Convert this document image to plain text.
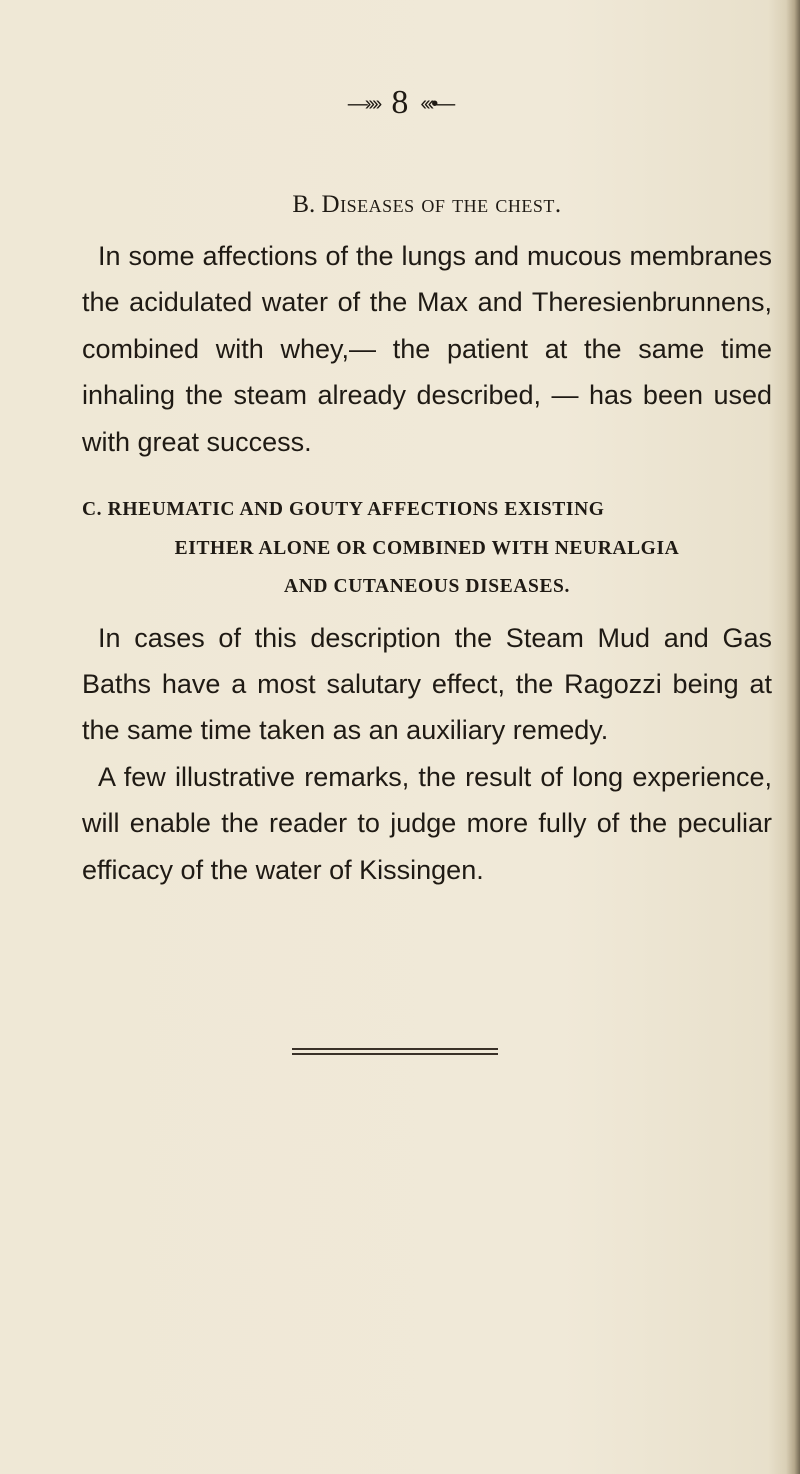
—›››› 8 ‹‹‹•—
B. Diseases of the chest.

In some affections of the lungs and mucous membranes the acidulated water of the Max and Theresienbrunnens, combined with whey,— the patient at the same time inhaling the steam already described, — has been used with great success.

C. RHEUMATIC AND GOUTY AFFECTIONS EXISTING
EITHER ALONE OR COMBINED WITH NEURALGIA
AND CUTANEOUS DISEASES.

In cases of this description the Steam Mud and Gas Baths have a most salutary effect, the Ragozzi being at the same time taken as an auxiliary remedy.

A few illustrative remarks, the result of long experience, will enable the reader to judge more fully of the peculiar efficacy of the water of Kissingen.
